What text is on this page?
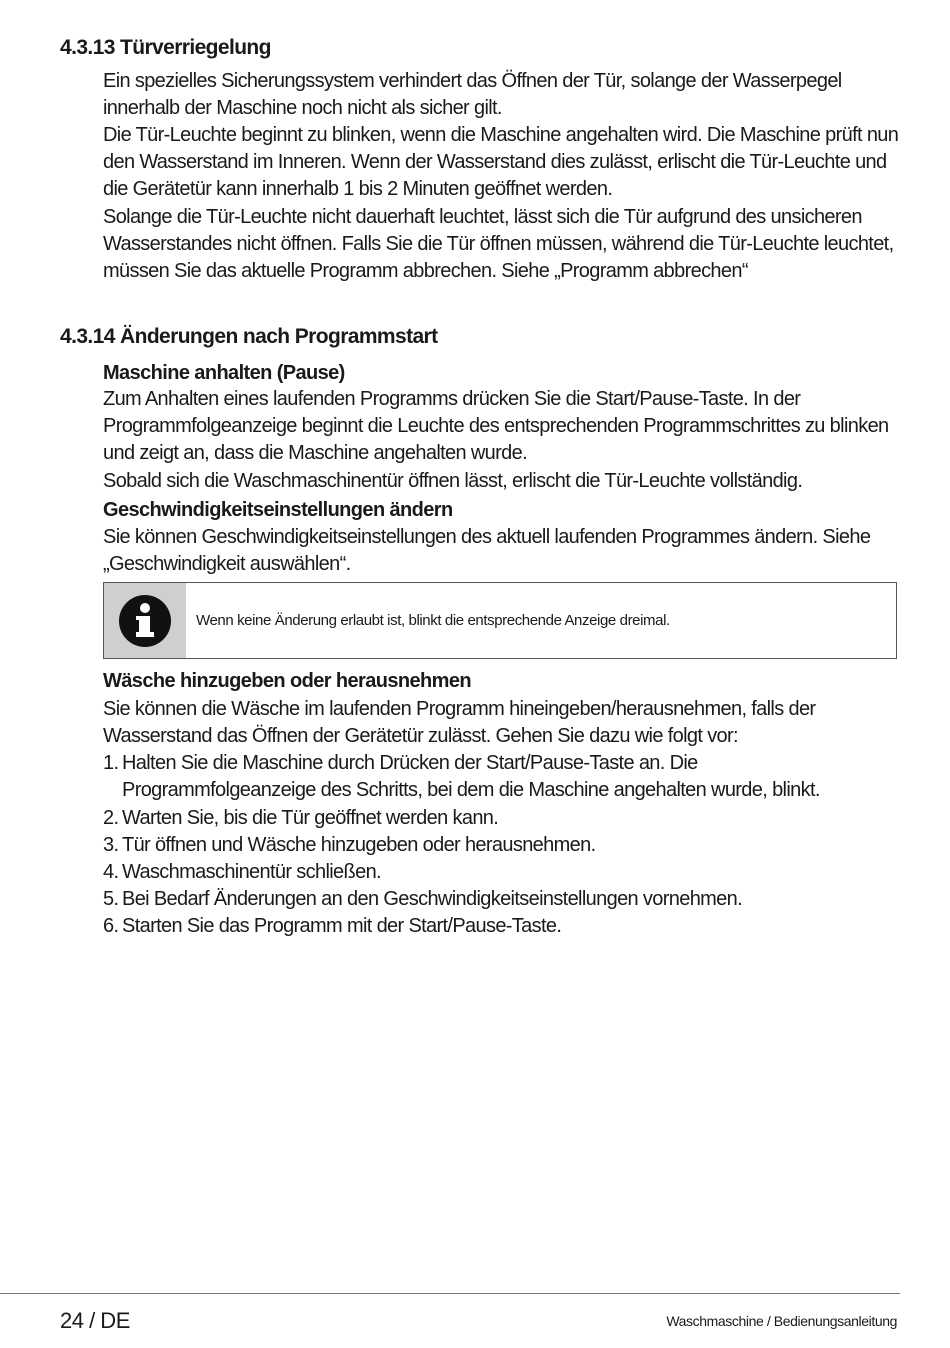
4.3.13 Türverriegelung
Ein spezielles Sicherungssystem verhindert das Öffnen der Tür, solange der Wasserpegel innerhalb der Maschine noch nicht als sicher gilt.
Die Tür-Leuchte beginnt zu blinken, wenn die Maschine angehalten wird. Die Maschine prüft nun den Wasserstand im Inneren. Wenn der Wasserstand dies zulässt, erlischt die Tür-Leuchte und die Gerätetür kann innerhalb 1 bis 2 Minuten geöffnet werden.
Solange die Tür-Leuchte nicht dauerhaft leuchtet, lässt sich die Tür aufgrund des unsicheren Wasserstandes nicht öffnen. Falls Sie die Tür öffnen müssen, während die Tür-Leuchte leuchtet, müssen Sie das aktuelle Programm abbrechen. Siehe „Programm abbrechen“
4.3.14 Änderungen nach Programmstart
Maschine anhalten (Pause)
Zum Anhalten eines laufenden Programms drücken Sie die Start/Pause-Taste. In der Programmfolgeanzeige beginnt die Leuchte des entsprechenden Programmschrittes zu blinken und zeigt an, dass die Maschine angehalten wurde.
Sobald sich die Waschmaschinentür öffnen lässt, erlischt die Tür-Leuchte vollständig.
Geschwindigkeitseinstellungen ändern
Sie können Geschwindigkeitseinstellungen des aktuell laufenden Programmes ändern. Siehe „Geschwindigkeit auswählen“.
Wenn keine Änderung erlaubt ist, blinkt die entsprechende Anzeige dreimal.
Wäsche hinzugeben oder herausnehmen
Sie können die Wäsche im laufenden Programm hineingeben/herausnehmen, falls der Wasserstand das Öffnen der Gerätetür zulässt. Gehen Sie dazu wie folgt vor:
1. Halten Sie die Maschine durch Drücken der Start/Pause-Taste an. Die
Programmfolgeanzeige des Schritts, bei dem die Maschine angehalten wurde, blinkt.
2. Warten Sie, bis die Tür geöffnet werden kann.
3. Tür öffnen und Wäsche hinzugeben oder herausnehmen.
4. Waschmaschinentür schließen.
5. Bei Bedarf Änderungen an den Geschwindigkeitseinstellungen vornehmen.
6. Starten Sie das Programm mit der Start/Pause-Taste.
24 / DE	Waschmaschine / Bedienungsanleitung
